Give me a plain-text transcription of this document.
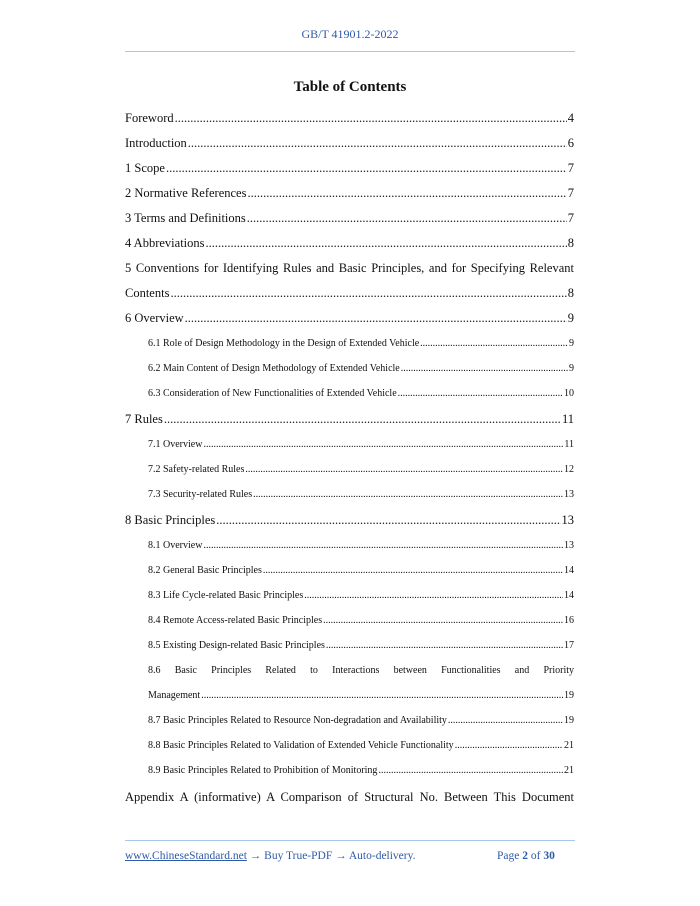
GB/T 41901.2-2022
Table of Contents
Foreword .....	4
Introduction .....	6
1 Scope .....	7
2 Normative References .....	7
3 Terms and Definitions .....	7
4 Abbreviations .....	8
5 Conventions for Identifying Rules and Basic Principles, and for Specifying Relevant
Contents .....	8
6 Overview .....	9
6.1 Role of Design Methodology in the Design of Extended Vehicle .....	9
6.2 Main Content of Design Methodology of Extended Vehicle .....	9
6.3 Consideration of New Functionalities of Extended Vehicle .....	10
7 Rules .....	11
7.1 Overview .....	11
7.2 Safety-related Rules .....	12
7.3 Security-related Rules .....	13
8 Basic Principles .....	13
8.1 Overview .....	13
8.2 General Basic Principles .....	14
8.3 Life Cycle-related Basic Principles .....	14
8.4 Remote Access-related Basic Principles .....	16
8.5 Existing Design-related Basic Principles .....	17
8.6 Basic Principles Related to Interactions between Functionalities and Priority
Management .....	19
8.7 Basic Principles Related to Resource Non-degradation and Availability .....	19
8.8 Basic Principles Related to Validation of Extended Vehicle Functionality .....	21
8.9 Basic Principles Related to Prohibition of Monitoring .....	21
Appendix A (informative) A Comparison of Structural No. Between This Document
www.ChineseStandard.net → Buy True-PDF → Auto-delivery.	Page 2 of 30
